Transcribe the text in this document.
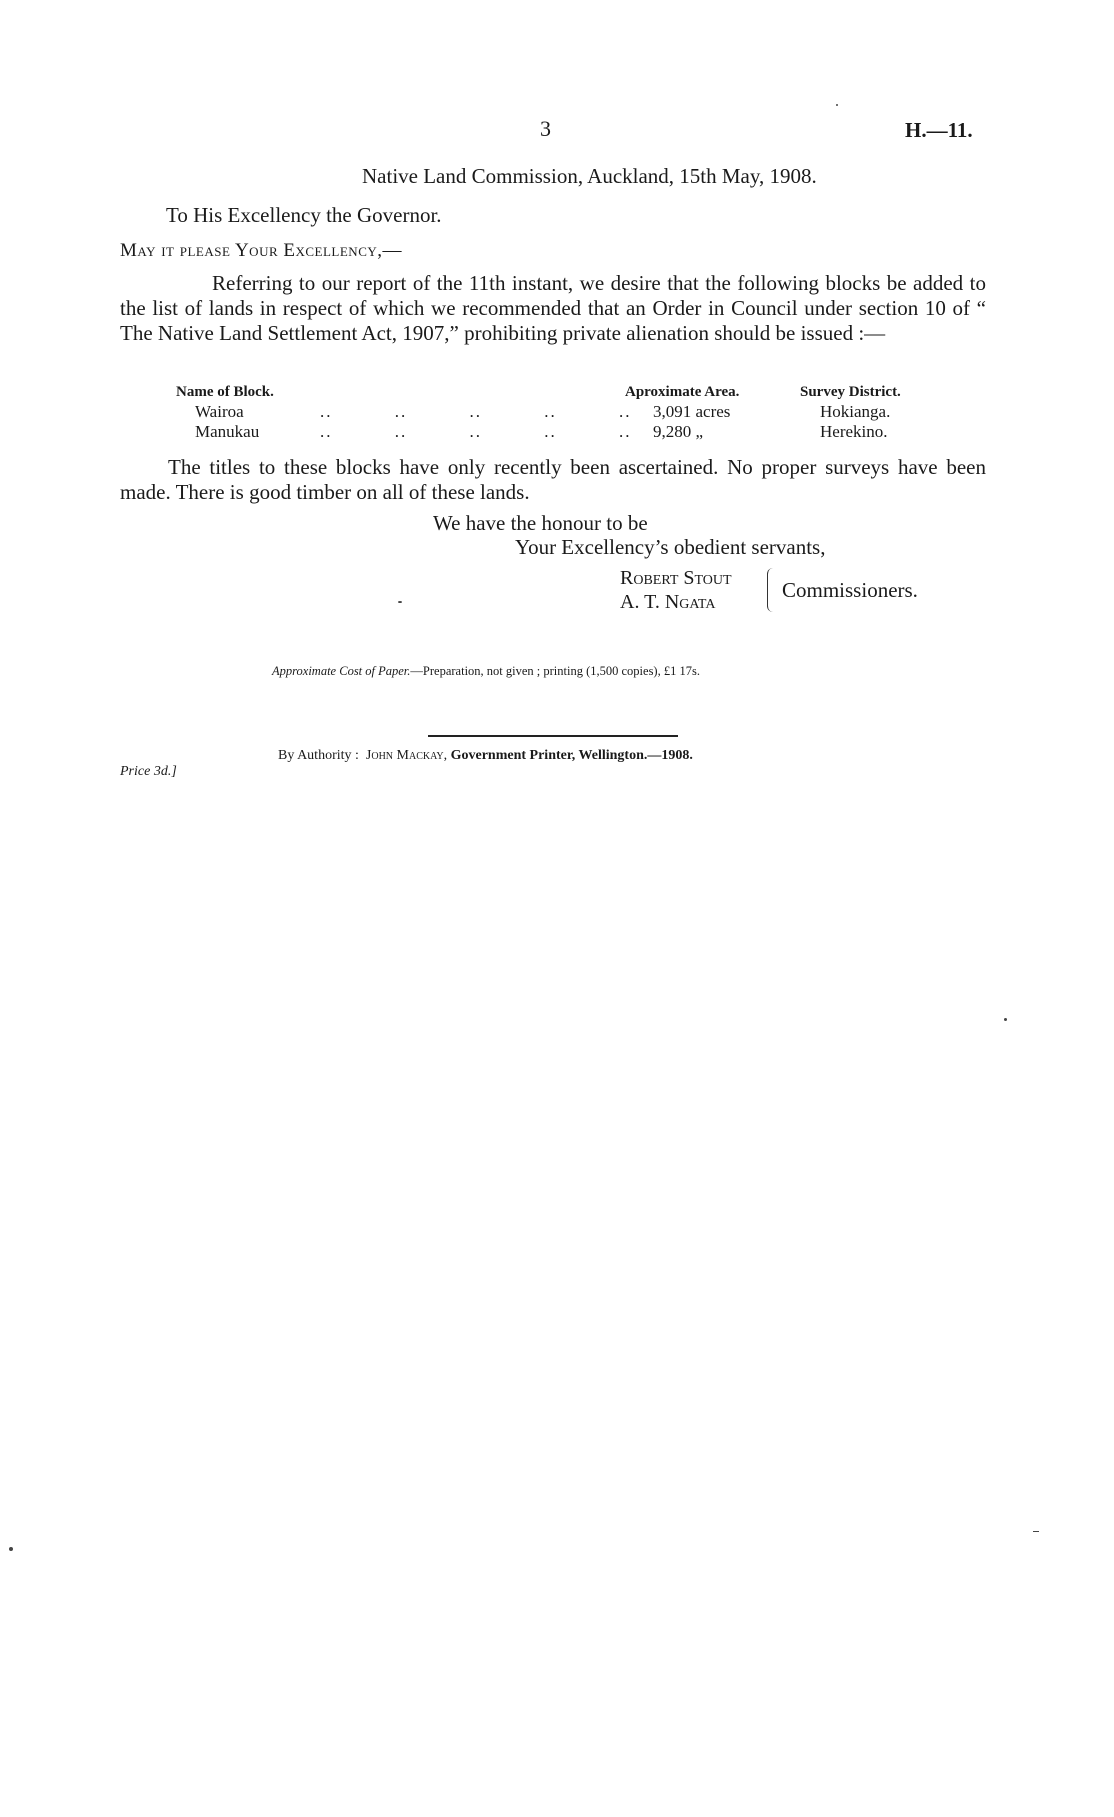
3	H.—11.
Native Land Commission, Auckland, 15th May, 1908.
To His Excellency the Governor.
May it please Your Excellency,—
Referring to our report of the 11th instant, we desire that the following blocks be added to the list of lands in respect of which we recommended that an Order in Council under section 10 of “ The Native Land Settlement Act, 1907,” prohibiting private alienation should be issued :—
Name of Block.	Aproximate Area.	Survey District.
Wairoa	.. .. .. .. .. 3,091 acres	Hokianga.
Manukau	.. .. .. .. .. 9,280 „	Herekino.
The titles to these blocks have only recently been ascertained. No proper surveys have been made. There is good timber on all of these lands.
We have the honour to be
Your Excellency’s obedient servants,
Robert Stout
A. T. Ngata	Commissioners.
Approximate Cost of Paper.—Preparation, not given ; printing (1,500 copies), £1 17s.
By Authority : John Mackay, Government Printer, Wellington.—1908.
Price 3d.]
